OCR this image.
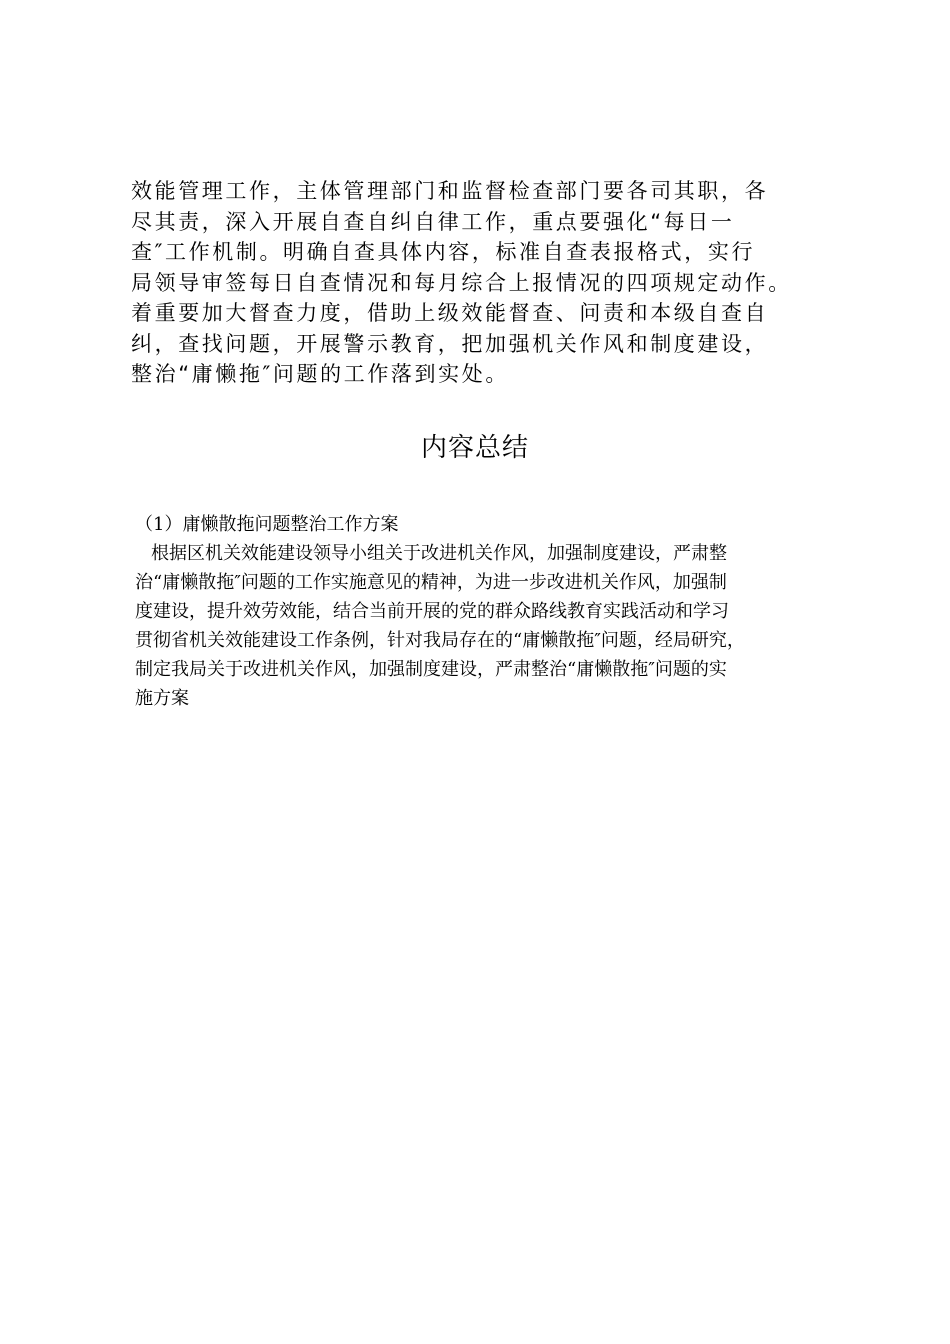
效能管理工作，主体管理部门和监督检查部门要各司其职，各
尽其责，深入开展自查自纠自律工作，重点要强化“每日一
查″工作机制。明确自查具体内容，标准自查表报格式，实行
局领导审签每日自查情况和每月综合上报情况的四项规定动作。
着重要加大督查力度，借助上级效能督查、问责和本级自查自
纠，查找问题，开展警示教育，把加强机关作风和制度建设，
整治“庸懒拖″问题的工作落到实处。
内容总结
（1）庸懒散拖问题整治工作方案
根据区机关效能建设领导小组关于改进机关作风，加强制度建设，严肃整
治“庸懒散拖″问题的工作实施意见的精神，为进一步改进机关作风，加强制
度建设，提升效劳效能，结合当前开展的党的群众路线教育实践活动和学习
贯彻省机关效能建设工作条例，针对我局存在的“庸懒散拖″问题，经局研究，
制定我局关于改进机关作风，加强制度建设，严肃整治“庸懒散拖″问题的实
施方案
